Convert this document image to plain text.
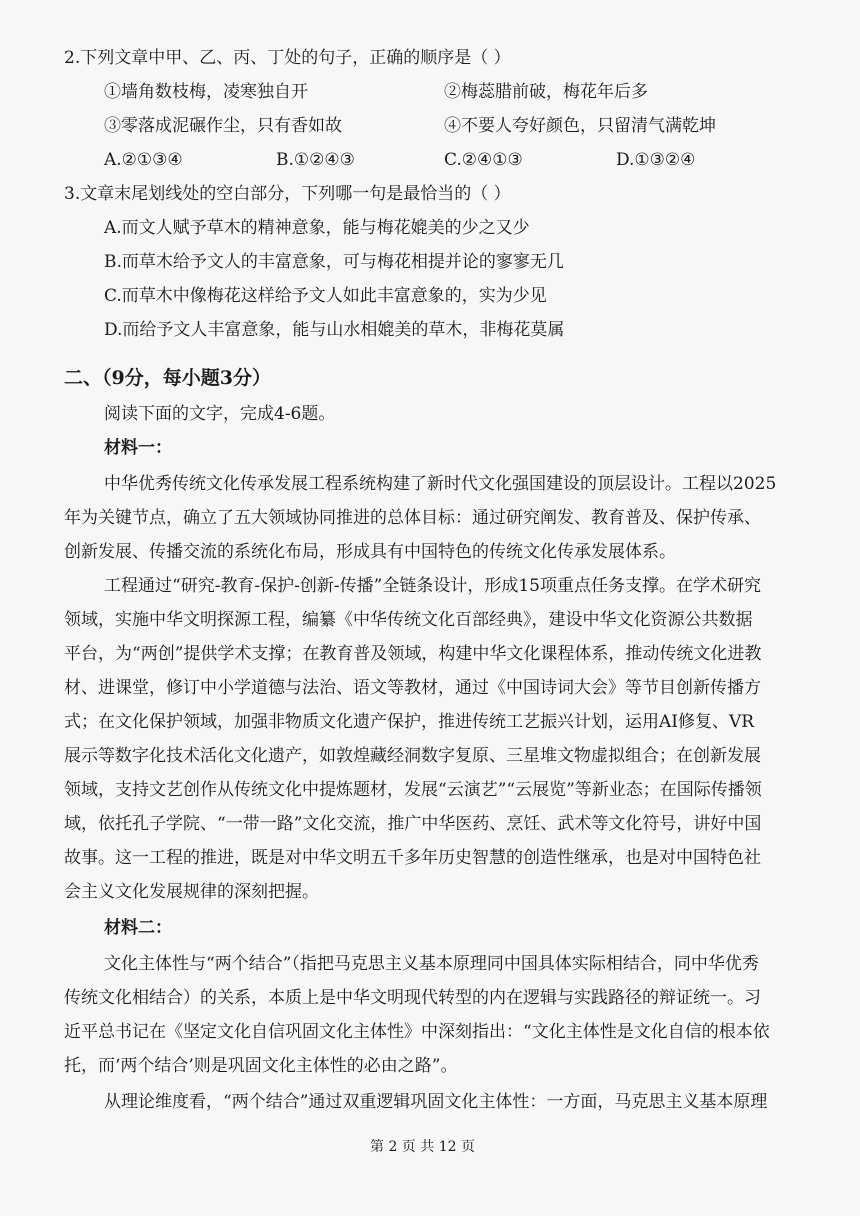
2.下列文章中甲、乙、丙、丁处的句子，正确的顺序是（ ）
①墙角数枝梅，凌寒独自开	②梅蕊腊前破，梅花年后多
③零落成泥碾作尘，只有香如故	④不要人夸好颜色，只留清气满乾坤
A.②①③④	B.①②④③	C.②④①③	D.①③②④
3.文章末尾划线处的空白部分，下列哪一句是最恰当的（ ）
A.而文人赋予草木的精神意象，能与梅花媲美的少之又少
B.而草木给予文人的丰富意象，可与梅花相提并论的寥寥无几
C.而草木中像梅花这样给予文人如此丰富意象的，实为少见
D.而给予文人丰富意象，能与山水相媲美的草木，非梅花莫属
二、（9分，每小题3分）
阅读下面的文字，完成4-6题。
材料一：
中华优秀传统文化传承发展工程系统构建了新时代文化强国建设的顶层设计。工程以2025
年为关键节点，确立了五大领域协同推进的总体目标：通过研究阐发、教育普及、保护传承、
创新发展、传播交流的系统化布局，形成具有中国特色的传统文化传承发展体系。
工程通过“研究-教育-保护-创新-传播”全链条设计，形成15项重点任务支撑。在学术研究
领域，实施中华文明探源工程，编纂《中华传统文化百部经典》，建设中华文化资源公共数据
平台，为“两创”提供学术支撑；在教育普及领域，构建中华文化课程体系，推动传统文化进教
材、进课堂，修订中小学道德与法治、语文等教材，通过《中国诗词大会》等节目创新传播方
式；在文化保护领域，加强非物质文化遗产保护，推进传统工艺振兴计划，运用AI修复、VR
展示等数字化技术活化文化遗产，如敦煌藏经洞数字复原、三星堆文物虚拟组合；在创新发展
领域，支持文艺创作从传统文化中提炼题材，发展“云演艺”“云展览”等新业态；在国际传播领
域，依托孔子学院、“一带一路”文化交流，推广中华医药、烹饪、武术等文化符号，讲好中国
故事。这一工程的推进，既是对中华文明五千多年历史智慧的创造性继承，也是对中国特色社
会主义文化发展规律的深刻把握。
材料二：
文化主体性与“两个结合”（指把马克思主义基本原理同中国具体实际相结合，同中华优秀
传统文化相结合）的关系，本质上是中华文明现代转型的内在逻辑与实践路径的辩证统一。习
近平总书记在《坚定文化自信巩固文化主体性》中深刻指出：“文化主体性是文化自信的根本依
托，而‘两个结合’则是巩固文化主体性的必由之路”。
从理论维度看，“两个结合”通过双重逻辑巩固文化主体性：一方面，马克思主义基本原理
第 2 页 共 12 页
